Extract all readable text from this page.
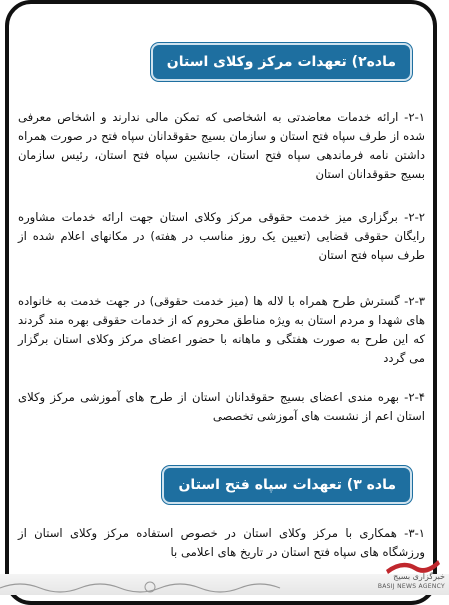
ماده۲) تعهدات مرکز وکلای استان
۲-۱- ارائه خدمات معاضدتی به اشخاصی که تمکن مالی ندارند و اشخاص معرفی شده از طرف سپاه فتح استان و سازمان بسیج حقوقدانان سپاه فتح در صورت همراه داشتن نامه فرماندهی سپاه فتح استان، جانشین سپاه فتح استان، رئیس سازمان بسیج حقوقدانان استان
۲-۲- برگزاری میز خدمت حقوقی مرکز وکلای استان جهت ارائه خدمات مشاوره رایگان حقوقی قضایی (تعیین یک روز مناسب در هفته) در مکانهای اعلام شده از طرف سپاه فتح استان
۲-۳- گسترش طرح همراه با لاله ها (میز خدمت حقوقی) در جهت خدمت به خانواده های شهدا و مردم استان به ویژه مناطق محروم که از خدمات حقوقی بهره مند گردند که این طرح به صورت هفتگی و ماهانه با حضور اعضای مرکز وکلای استان برگزار می گردد
۲-۴- بهره مندی اعضای بسیج حقوقدانان استان از طرح های آموزشی مرکز وکلای استان اعم از نشست های آموزشی تخصصی
ماده ۳) تعهدات سپاه فتح استان
۳-۱- همکاری با مرکز وکلای استان در خصوص استفاده مرکز وکلای استان از ورزشگاه های سپاه فتح استان در تاریخ های اعلامی با
خبرگزاری بسیج
BASIJ NEWS AGENCY
